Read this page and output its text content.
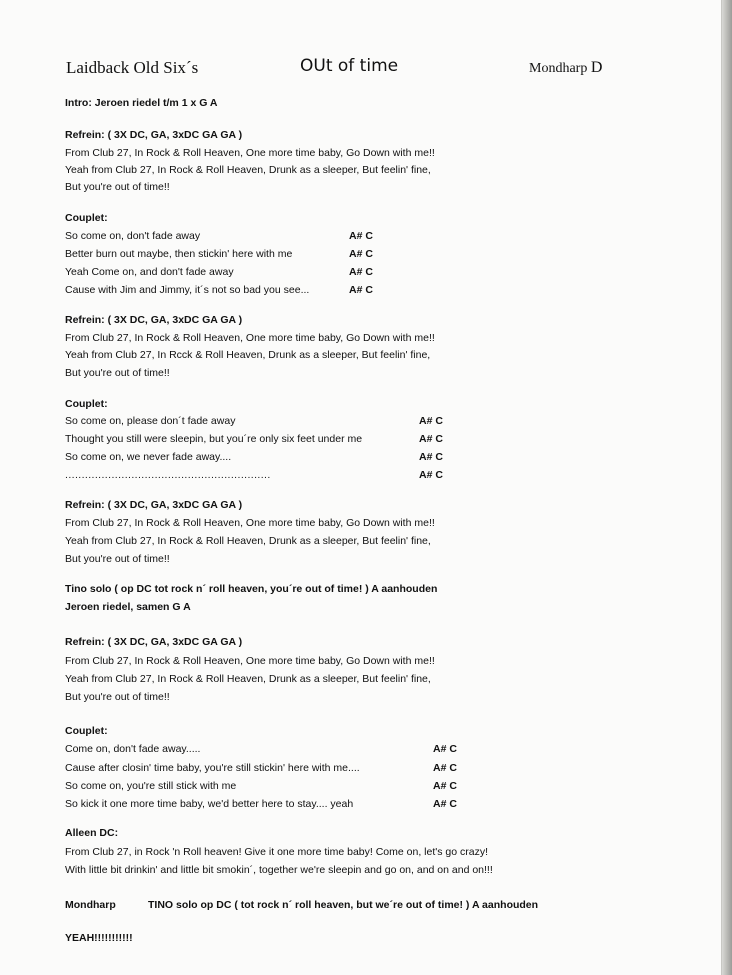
Laidback Old Six´s	OUt of time	Mondharp D
Intro: Jeroen riedel t/m 1 x G A
Refrein: ( 3X DC, GA, 3xDC GA GA )
From Club 27, In Rock & Roll Heaven, One more time baby, Go Down with me!!
Yeah from Club 27, In Rock & Roll Heaven, Drunk as a sleeper, But feelin' fine,
But you're out of time!!
Couplet:
So come on, don't fade away	A# C
Better burn out maybe, then stickin' here with me	A# C
Yeah Come on, and don't fade away	A# C
Cause with Jim and Jimmy, it´s not so bad you see...	A# C
Refrein: ( 3X DC, GA, 3xDC GA GA )
From Club 27, In Rock & Roll Heaven, One more time baby, Go Down with me!!
Yeah from Club 27, In Rcck & Roll Heaven, Drunk as a sleeper, But feelin' fine,
But you're out of time!!
Couplet:
So come on, please don´t fade away	A# C
Thought you still were sleepin, but you´re only six feet under me	A# C
So come on, we never fade away....	A# C
..............................................................	A# C
Refrein: ( 3X DC, GA, 3xDC GA GA )
From Club 27, In Rock & Roll Heaven, One more time baby, Go Down with me!!
Yeah from Club 27, In Rock & Roll Heaven, Drunk as a sleeper, But feelin' fine,
But you're out of time!!
Tino solo ( op DC tot rock n´ roll heaven, you´re out of time! ) A aanhouden
Jeroen riedel, samen G A
Refrein: ( 3X DC, GA, 3xDC GA GA )
From Club 27, In Rock & Roll Heaven, One more time baby, Go Down with me!!
Yeah from Club 27, In Rock & Roll Heaven, Drunk as a sleeper, But feelin' fine,
But you're out of time!!
Couplet:
Come on, don't fade away.....	A# C
Cause after closin' time baby, you're still stickin' here with me....	A# C
So come on, you're still stick with me	A# C
So kick it one more time baby, we'd better here to stay.... yeah	A# C
Alleen DC:
From Club 27, in Rock 'n Roll heaven! Give it one more time baby! Come on, let's go crazy!
With little bit drinkin' and little bit smokin´, together we're sleepin and go on, and on and on!!!
Mondharp	TINO solo op DC ( tot rock n´ roll heaven, but we´re out of time! ) A aanhouden
YEAH!!!!!!!!!!!
